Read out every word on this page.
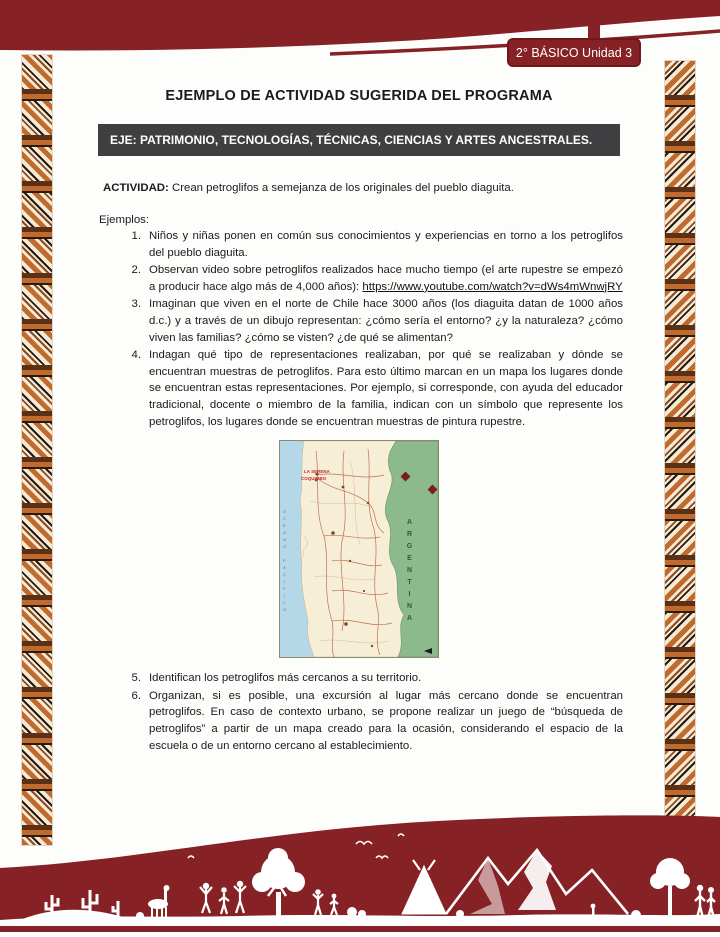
2° BÁSICO Unidad 3
EJEMPLO DE ACTIVIDAD SUGERIDA DEL PROGRAMA
EJE: PATRIMONIO, TECNOLOGÍAS, TÉCNICAS, CIENCIAS Y ARTES ANCESTRALES.

ACTIVIDAD: Crean petroglifos a semejanza de los originales del pueblo diaguita.

Ejemplos:

1. Niños y niñas ponen en común sus conocimientos y experiencias en torno a los petroglifos del pueblo diaguita.
2. Observan video sobre petroglifos realizados hace mucho tiempo (el arte rupestre se empezó a producir hace algo más de 4,000 años): https://www.youtube.com/watch?v=dWs4mWnwjRY
3. Imaginan que viven en el norte de Chile hace 3000 años (los diaguita datan de 1000 años d.c.) y a través de un dibujo representan: ¿cómo sería el entorno? ¿y la naturaleza? ¿cómo viven las familias? ¿cómo se visten? ¿de qué se alimentan?
4. Indagan qué tipo de representaciones realizaban, por qué se realizaban y dónde se encuentran muestras de petroglifos. Para esto último marcan en un mapa los lugares donde se encuentran estas representaciones. Por ejemplo, si corresponde, con ayuda del educador tradicional, docente o miembro de la familia, indican con un símbolo que represente los petroglifos, los lugares donde se encuentran muestras de pintura rupestre.
ARGENTINA
OCEANO PACIFICO
LA SERENA
COQUIMBO
5. Identifican los petroglifos más cercanos a su territorio.
6. Organizan, si es posible, una excursión al lugar más cercano donde se encuentran petroglifos. En caso de contexto urbano, se propone realizar un juego de “búsqueda de petroglifos” a partir de un mapa creado para la ocasión, considerando el espacio de la escuela o de un entorno cercano al establecimiento.
